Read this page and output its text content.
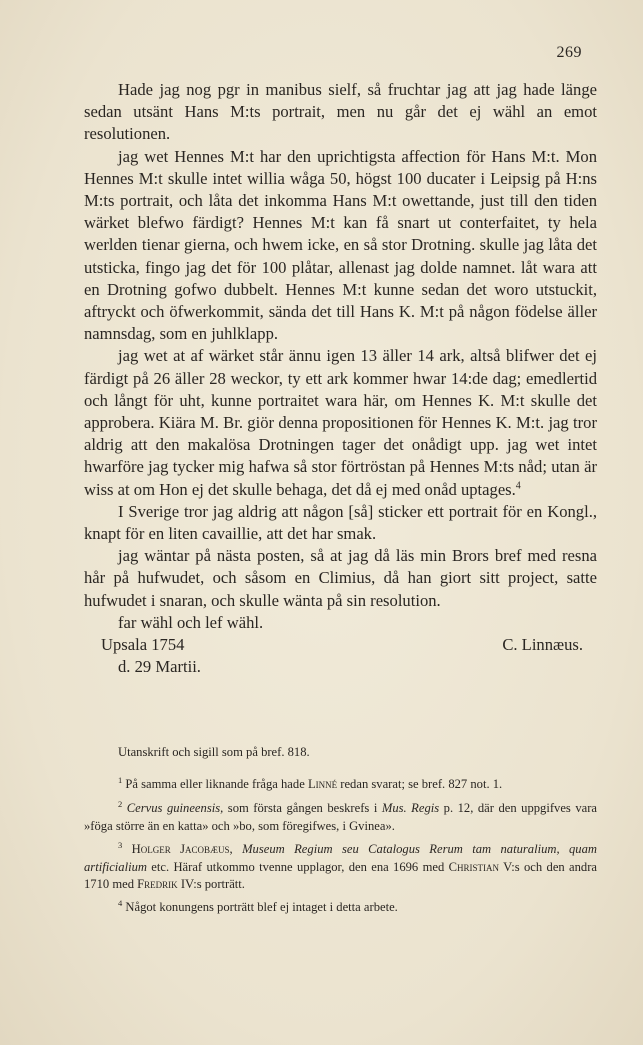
269

Hade jag nog pgr in manibus sielf, så fruchtar jag att jag hade länge sedan utsänt Hans M:ts portrait, men nu går det ej wähl an emot resolutionen.

jag wet Hennes M:t har den uprichtigsta affection för Hans M:t. Mon Hennes M:t skulle intet willia wåga 50, högst 100 ducater i Leipsig på H:ns M:ts portrait, och låta det inkomma Hans M:t owettande, just till den tiden wärket blefwo färdigt? Hennes M:t kan få snart ut conterfaitet, ty hela werlden tienar gierna, och hwem icke, en så stor Drotning. skulle jag låta det utsticka, fingo jag det för 100 plåtar, allenast jag dolde namnet. låt wara att en Drotning gofwo dubbelt. Hennes M:t kunne sedan det woro utstuckit, aftryckt och öfwerkommit, sända det till Hans K. M:t på någon födelse äller namnsdag, som en juhlklapp.

jag wet at af wärket står ännu igen 13 äller 14 ark, altså blifwer det ej färdigt på 26 äller 28 weckor, ty ett ark kommer hwar 14:de dag; emedlertid och långt för uht, kunne portraitet wara här, om Hennes K. M:t skulle det approbera. Kiära M. Br. giör denna propositionen för Hennes K. M:t. jag tror aldrig att den makalösa Drotningen tager det onådigt upp. jag wet intet hwarföre jag tycker mig hafwa så stor förtröstan på Hennes M:ts nåd; utan är wiss at om Hon ej det skulle behaga, det då ej med onåd uptages.$^4$

I Sverige tror jag aldrig att någon [så] sticker ett portrait för en Kongl., knapt för en liten cavaillie, att det har smak.

jag wäntar på nästa posten, så at jag då läs min Brors bref med resna hår på hufwudet, och såsom en Climius, då han giort sitt project, satte hufwudet i snaran, och skulle wänta på sin resolution.

far wähl och lef wähl.

Upsala 1754	C. Linnæus.
d. 29 Martii.

Utanskrift och sigill som på bref. 818.

$^1$ På samma eller liknande fråga hade Linné redan svarat; se bref. 827 not. 1.

$^2$ Cervus guineensis, som första gången beskrefs i Mus. Regis p. 12, där den uppgifves vara »föga större än en katta» och »bo, som föregifwes, i Gvinea».

$^3$ Holger Jacobæus, Museum Regium seu Catalogus Rerum tam naturalium, quam artificialium etc. Häraf utkommo tvenne upplagor, den ena 1696 med Christian V:s och den andra 1710 med Fredrik IV:s porträtt.

$^4$ Något konungens porträtt blef ej intaget i detta arbete.
